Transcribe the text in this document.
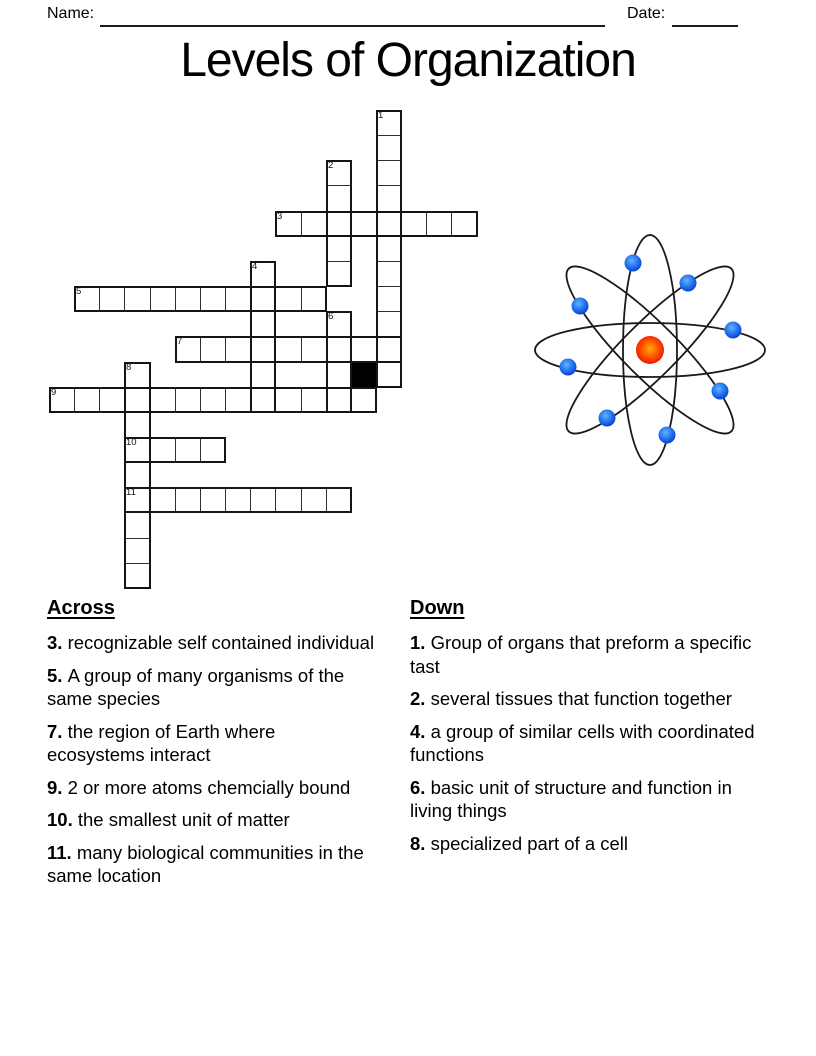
Name:	Date:
Levels of Organization
1
2
3
4
5
6
7
8
10
11
9

Across

3. recognizable self contained individual
5. A group of many organisms of the same species
7. the region of Earth where ecosystems interact
9. 2 or more atoms chemcially bound
10. the smallest unit of matter
11. many biological communities in the same location

Down

1. Group of organs that preform a specific tast
2. several tissues that function together
4. a group of similar cells with coordinated functions
6. basic unit of structure and function in living things
8. specialized part of a cell
